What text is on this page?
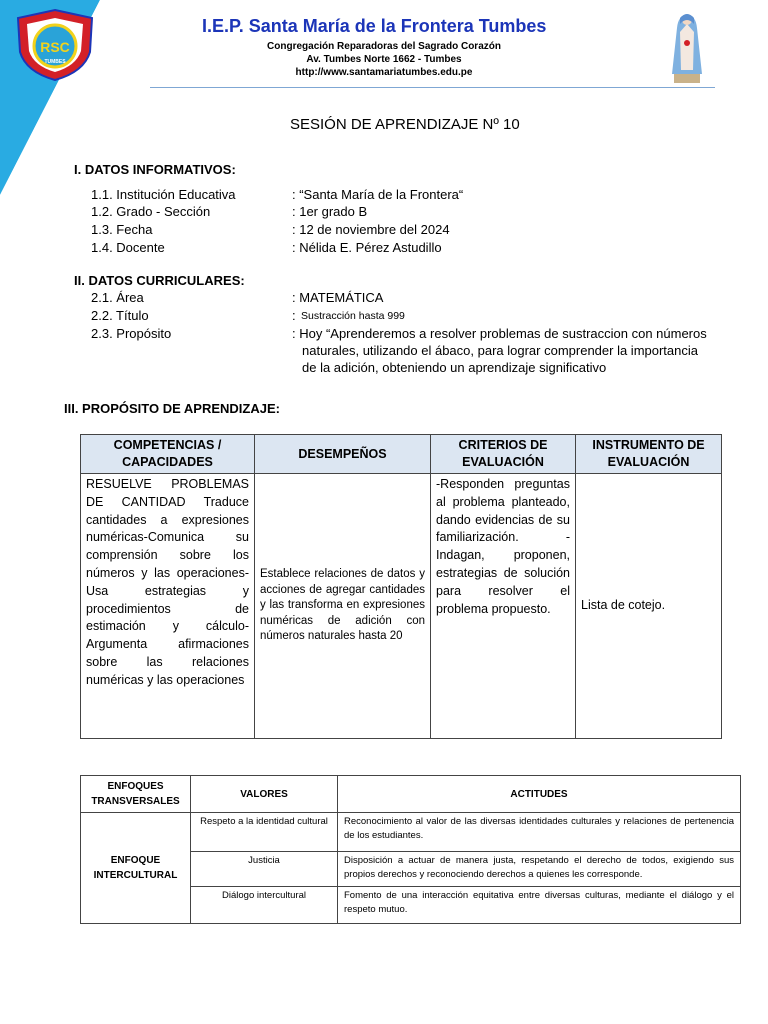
RSC
TUMBES
I.E.P. Santa María de la Frontera Tumbes
Congregación Reparadoras del Sagrado Corazón
Av. Tumbes Norte 1662 - Tumbes
http://www.santamariatumbes.edu.pe
SESIÓN DE APRENDIZAJE Nº 10
I. DATOS INFORMATIVOS:
1.1. Institución Educativa	: “Santa María de la Frontera“
1.2. Grado - Sección	: 1er grado B
1.3. Fecha	: 12 de noviembre del 2024
1.4. Docente	: Nélida E. Pérez Astudillo
II. DATOS CURRICULARES:
2.1. Área	: MATEMÁTICA
2.2. Título	: Sustracción hasta 999
2.3. Propósito	: Hoy “Aprenderemos a resolver problemas de sustraccion con números
naturales, utilizando el ábaco, para lograr comprender la importancia
de la adición, obteniendo un aprendizaje significativo
III. PROPÓSITO DE APRENDIZAJE:
COMPETENCIAS / CAPACIDADES	DESEMPEÑOS	CRITERIOS DE EVALUACIÓN	INSTRUMENTO DE EVALUACIÓN
RESUELVE PROBLEMAS DE CANTIDAD Traduce cantidades a expresiones numéricas-Comunica su comprensión sobre los números y las operaciones-Usa estrategias y procedimientos de estimación y cálculo-Argumenta afirmaciones sobre las relaciones numéricas y las operaciones	Establece relaciones de datos y acciones de agregar cantidades y las transforma en expresiones numéricas de adición con números naturales hasta 20	-Responden preguntas al problema planteado, dando evidencias de su familiarización. -Indagan, proponen, estrategias de solución para resolver el problema propuesto.	Lista de cotejo.
ENFOQUES TRANSVERSALES	VALORES	ACTITUDES
ENFOQUE INTERCULTURAL	Respeto a la identidad cultural	Reconocimiento al valor de las diversas identidades culturales y relaciones de pertenencia de los estudiantes.
	Justicia	Disposición a actuar de manera justa, respetando el derecho de todos, exigiendo sus propios derechos y reconociendo derechos a quienes les corresponde.
	Diálogo intercultural	Fomento de una interacción equitativa entre diversas culturas, mediante el diálogo y el respeto mutuo.
